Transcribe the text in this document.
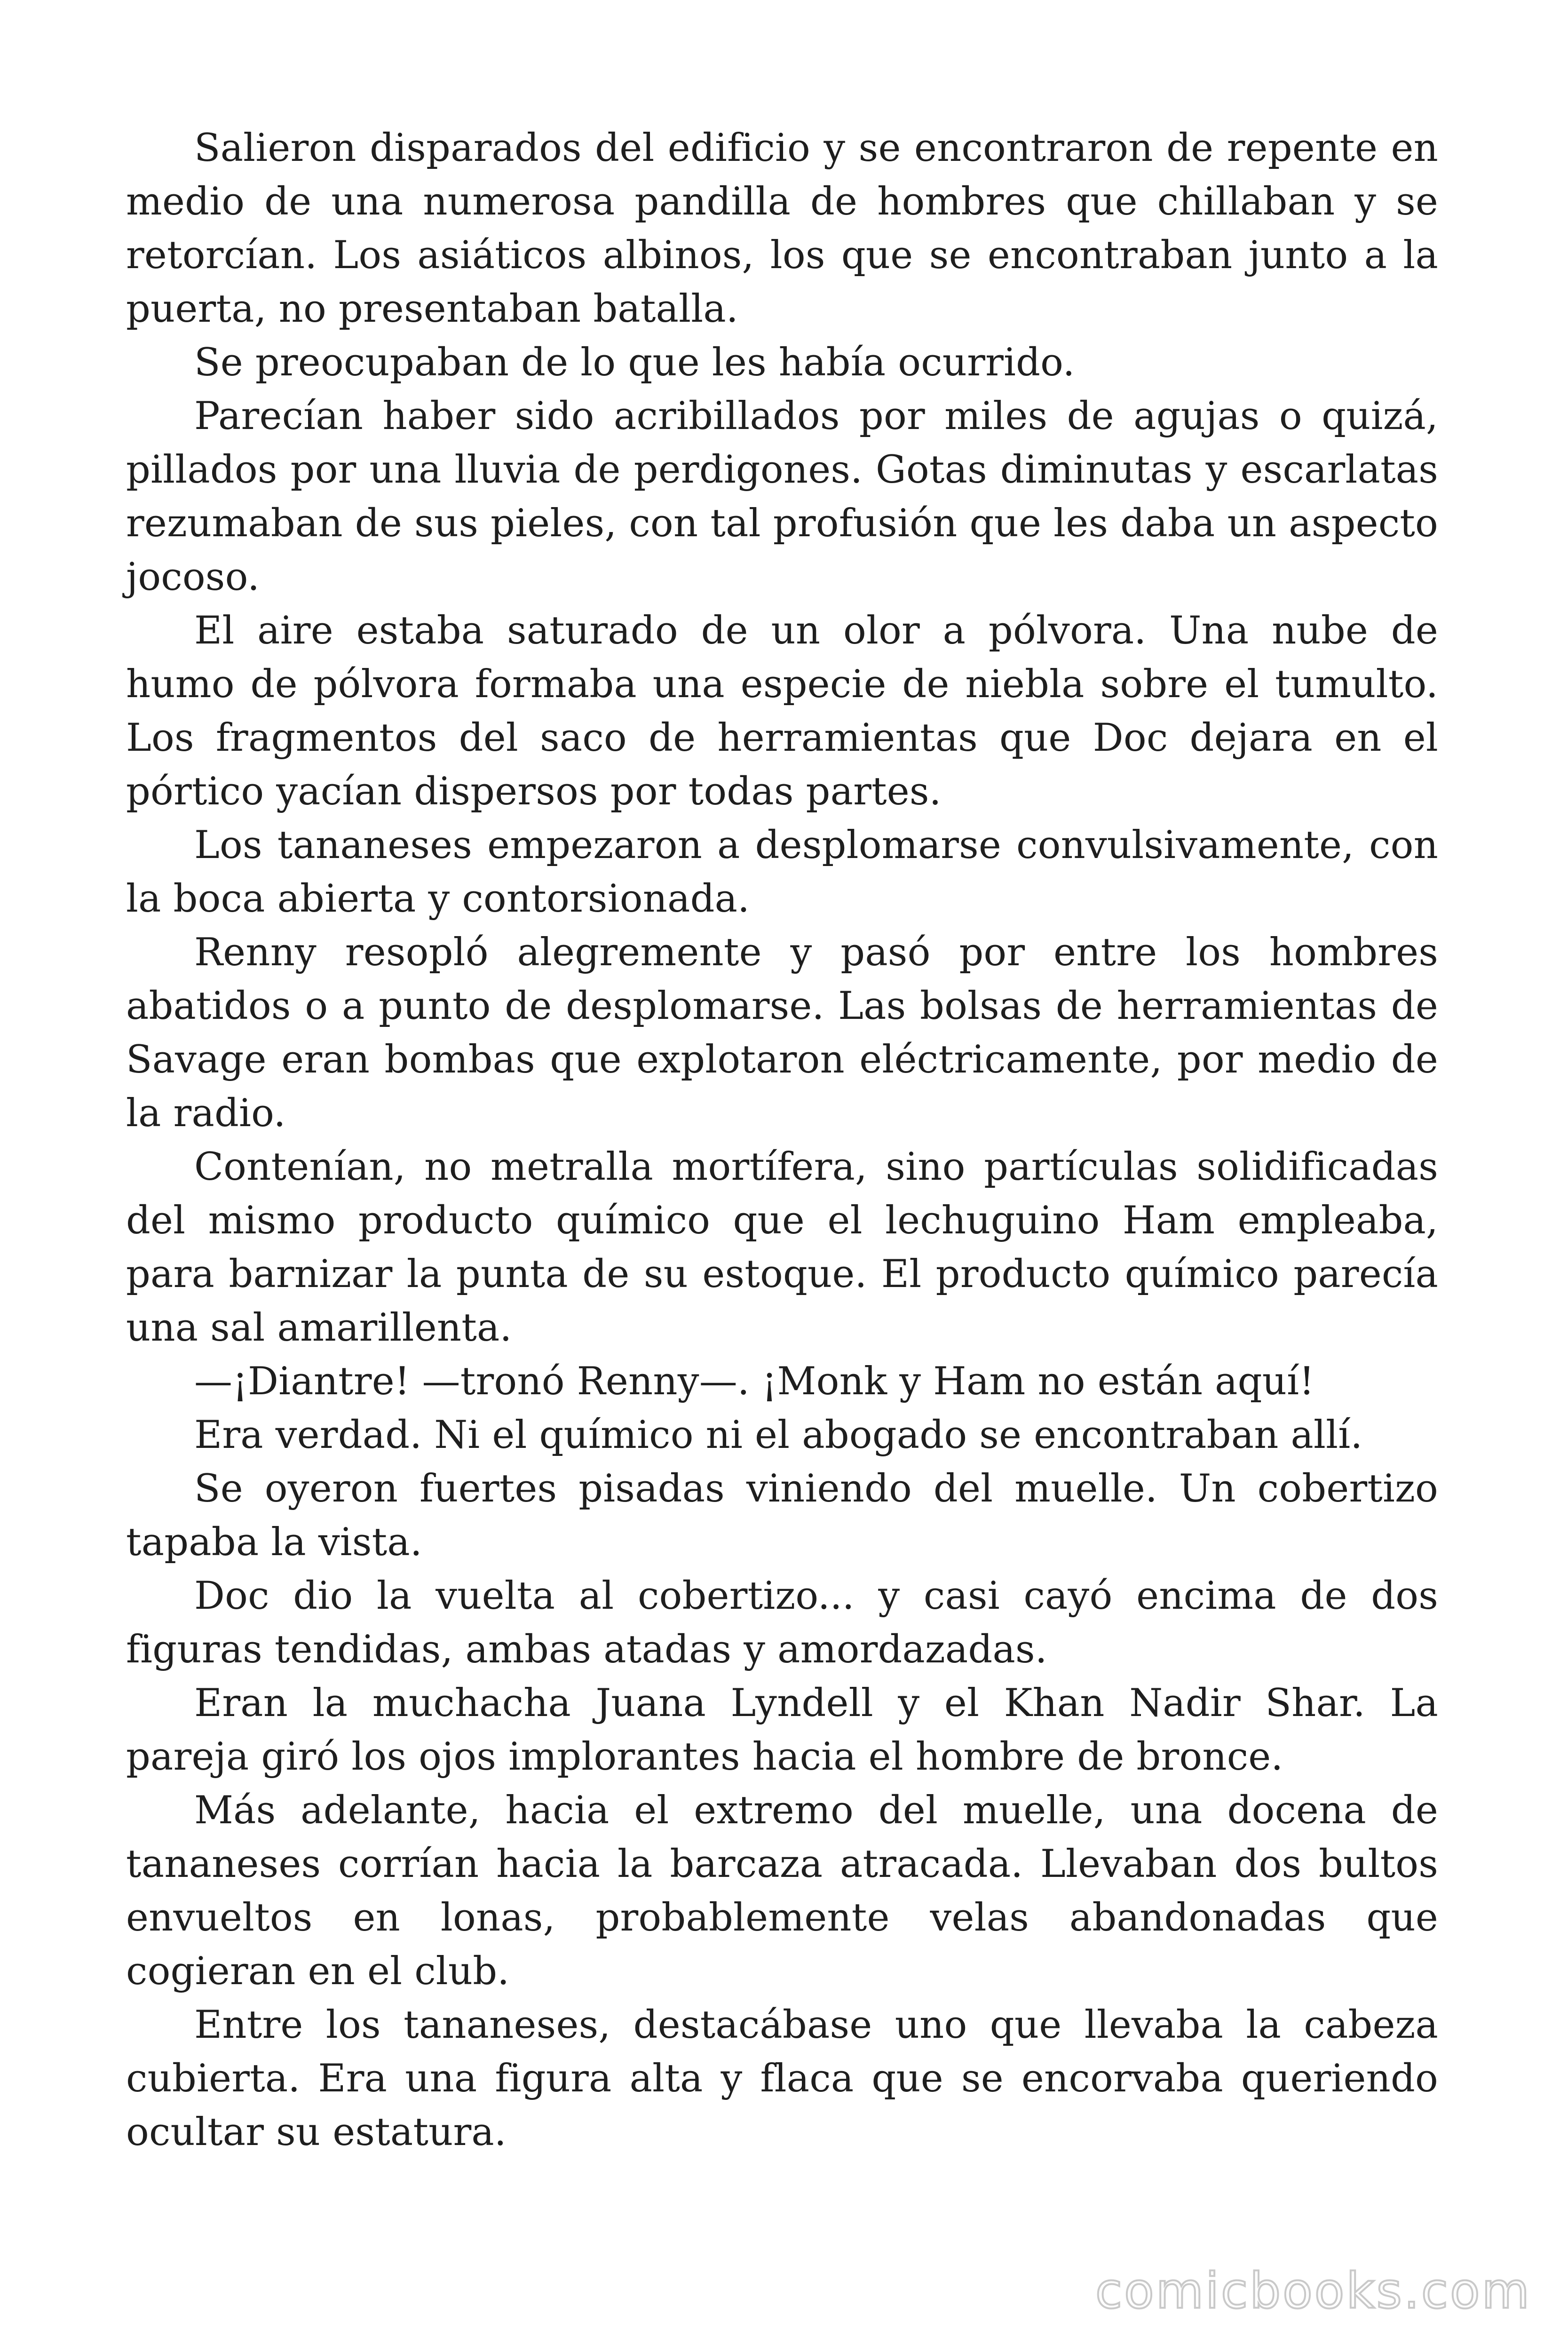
Salieron disparados del edificio y se encontraron de repente en medio de una numerosa pandilla de hombres que chillaban y se retorcían. Los asiáticos albinos, los que se encontraban junto a la puerta, no presentaban batalla.

Se preocupaban de lo que les había ocurrido.

Parecían haber sido acribillados por miles de agujas o quizá, pillados por una lluvia de perdigones. Gotas diminutas y escarlatas rezumaban de sus pieles, con tal profusión que les daba un aspecto jocoso.

El aire estaba saturado de un olor a pólvora. Una nube de humo de pólvora formaba una especie de niebla sobre el tumulto. Los fragmentos del saco de herramientas que Doc dejara en el pórtico yacían dispersos por todas partes.

Los tananeses empezaron a desplomarse convulsivamente, con la boca abierta y contorsionada.

Renny resopló alegremente y pasó por entre los hombres abatidos o a punto de desplomarse. Las bolsas de herramientas de Savage eran bombas que explotaron eléctricamente, por medio de la radio.

Contenían, no metralla mortífera, sino partículas solidificadas del mismo producto químico que el lechuguino Ham empleaba, para barnizar la punta de su estoque. El producto químico parecía una sal amarillenta.

—¡Diantre! —tronó Renny—. ¡Monk y Ham no están aquí!

Era verdad. Ni el químico ni el abogado se encontraban allí.

Se oyeron fuertes pisadas viniendo del muelle. Un cobertizo tapaba la vista.

Doc dio la vuelta al cobertizo... y casi cayó encima de dos figuras tendidas, ambas atadas y amordazadas.

Eran la muchacha Juana Lyndell y el Khan Nadir Shar. La pareja giró los ojos implorantes hacia el hombre de bronce.

Más adelante, hacia el extremo del muelle, una docena de tananeses corrían hacia la barcaza atracada. Llevaban dos bultos envueltos en lonas, probablemente velas abandonadas que cogieran en el club.

Entre los tananeses, destacábase uno que llevaba la cabeza cubierta. Era una figura alta y flaca que se encorvaba queriendo ocultar su estatura.

comicbooks.com
